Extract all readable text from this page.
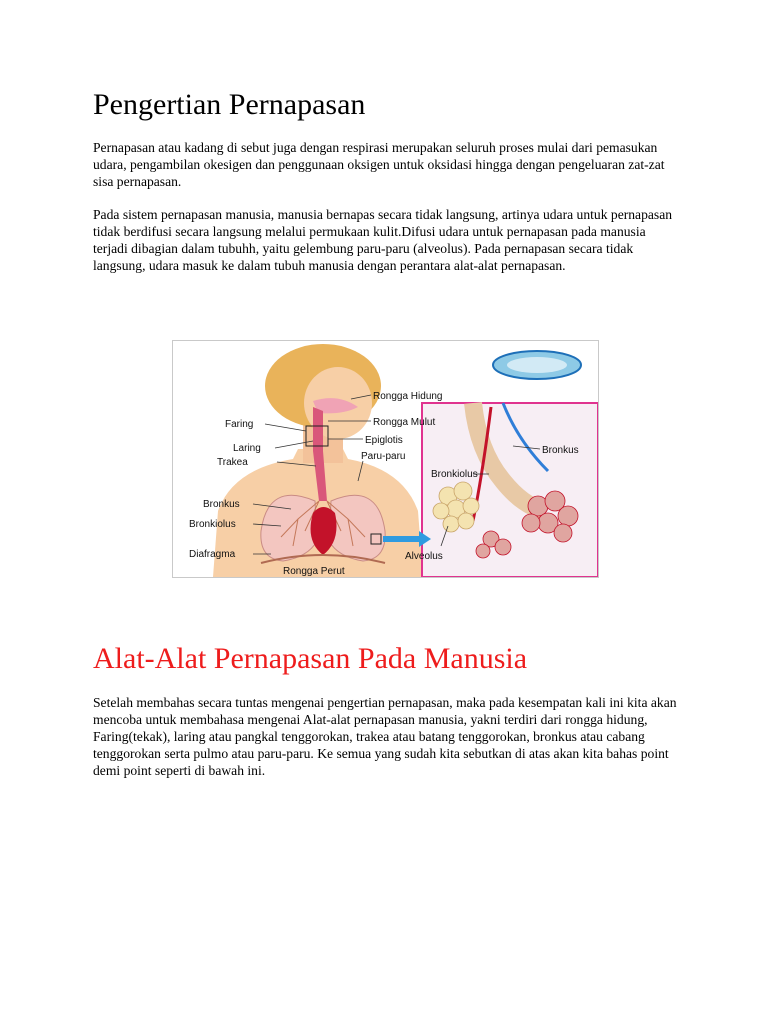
Pengertian Pernapasan

Pernapasan atau kadang di sebut juga dengan respirasi merupakan seluruh proses mulai dari pemasukan udara, pengambilan okesigen dan penggunaan oksigen untuk oksidasi hingga dengan pengeluaran zat-zat sisa pernapasan.

Pada sistem pernapasan manusia, manusia bernapas secara tidak langsung, artinya udara untuk pernapasan tidak berdifusi secara langsung melalui permukaan kulit.Difusi udara untuk pernapasan pada manusia terjadi dibagian dalam tubuhh, yaitu gelembung paru-paru (alveolus). Pada pernapasan secara tidak langsung, udara masuk ke dalam tubuh manusia dengan perantara alat-alat pernapasan.

Alat-Alat Pernapasan Pada Manusia

Setelah membahas secara tuntas mengenai pengertian pernapasan, maka pada kesempatan kali ini kita akan mencoba untuk membahasa mengenai Alat-alat pernapasan manusia, yakni terdiri dari rongga hidung, Faring(tekak), laring atau pangkal tenggorokan, trakea atau batang tenggorokan, bronkus atau cabang tenggorokan serta pulmo atau paru-paru. Ke semua yang sudah kita sebutkan di atas akan kita bahas point demi point seperti di bawah ini.

Rongga Hidung
Faring	Rongga Mulut
Laring
Epiglotis
Trakea
Paru-paru
Bronkiolus
Bronkus
Bronkus
Bronkiolus
Diafragma	Alveolus
Rongga Perut
